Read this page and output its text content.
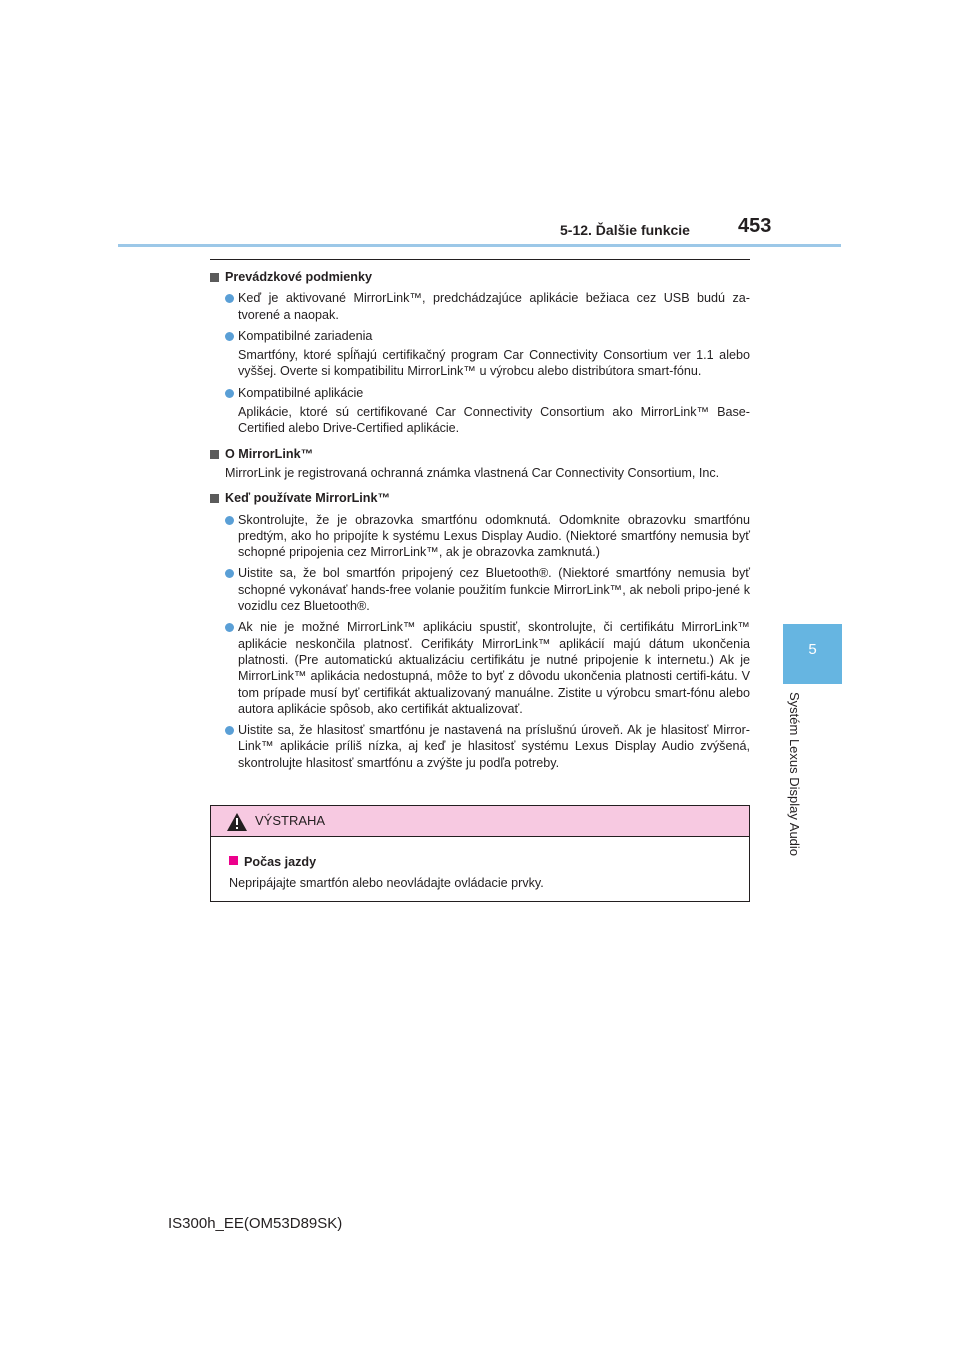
5-12. Ďalšie funkcie 453
5
Systém Lexus Display Audio
Prevádzkové podmienky
Keď je aktivované MirrorLink™, predchádzajúce aplikácie bežiaca cez USB budú za-tvorené a naopak.
Kompatibilné zariadenia
Smartfóny, ktoré spĺňajú certifikačný program Car Connectivity Consortium ver 1.1 alebo vyššej. Overte si kompatibilitu MirrorLink™ u výrobcu alebo distribútora smart-fónu.
Kompatibilné aplikácie
Aplikácie, ktoré sú certifikované Car Connectivity Consortium ako MirrorLink™ Base-Certified alebo Drive-Certified aplikácie.
O MirrorLink™
MirrorLink je registrovaná ochranná známka vlastnená Car Connectivity Consortium, Inc.
Keď používate MirrorLink™
Skontrolujte, že je obrazovka smartfónu odomknutá. Odomknite obrazovku smartfónu predtým, ako ho pripojíte k systému Lexus Display Audio. (Niektoré smartfóny nemusia byť schopné pripojenia cez MirrorLink™, ak je obrazovka zamknutá.)
Uistite sa, že bol smartfón pripojený cez Bluetooth®. (Niektoré smartfóny nemusia byť schopné vykonávať hands-free volanie použitím funkcie MirrorLink™, ak neboli pripo-jené k vozidlu cez Bluetooth®.
Ak nie je možné MirrorLink™ aplikáciu spustiť, skontrolujte, či certifikátu MirrorLink™ aplikácie neskončila platnosť. Cerifikáty MirrorLink™ aplikácií majú dátum ukončenia platnosti. (Pre automatickú aktualizáciu certifikátu je nutné pripojenie k internetu.) Ak je MirrorLink™ aplikácia nedostupná, môže to byť z dôvodu ukončenia platnosti certifi-kátu. V tom prípade musí byť certifikát aktualizovaný manuálne. Zistite u výrobcu smart-fónu alebo autora aplikácie spôsob, ako certifikát aktualizovať.
Uistite sa, že hlasitosť smartfónu je nastavená na príslušnú úroveň. Ak je hlasitosť Mirror-Link™ aplikácie príliš nízka, aj keď je hlasitosť systému Lexus Display Audio zvýšená, skontrolujte hlasitosť smartfónu a zvýšte ju podľa potreby.
VÝSTRAHA
Počas jazdy
Nepripájajte smartfón alebo neovládajte ovládacie prvky.
IS300h_EE(OM53D89SK)
